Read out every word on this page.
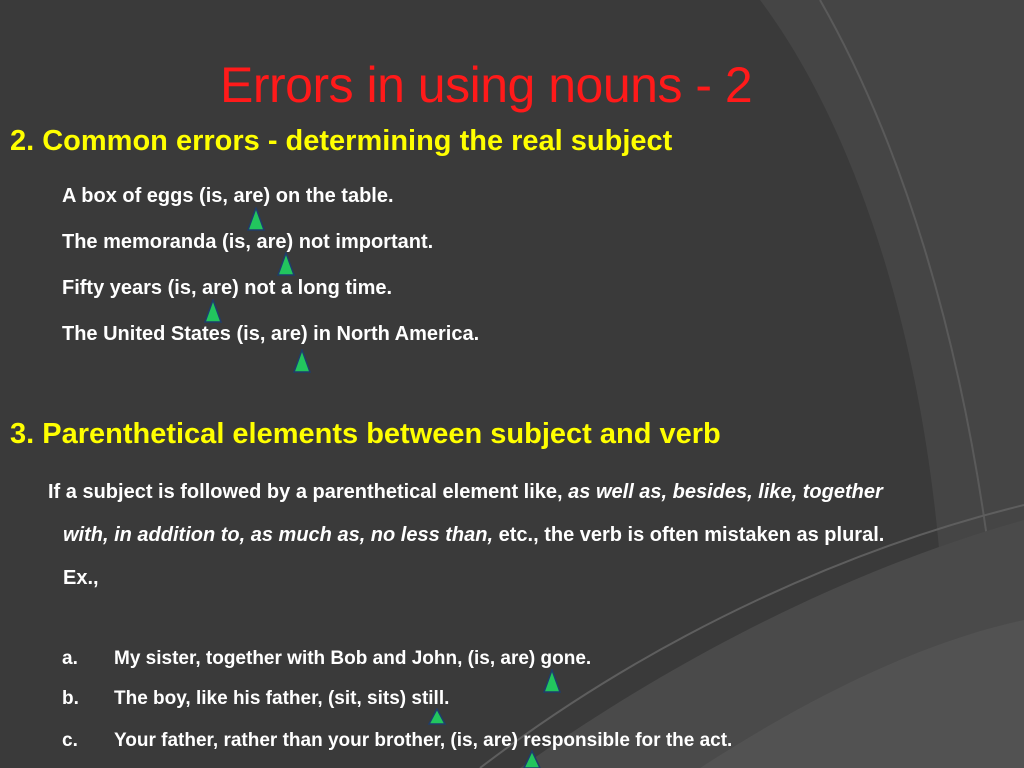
Errors in using nouns - 2
2. Common errors - determining the real subject
A box of eggs (is, are) on the table.
The memoranda (is, are) not important.
Fifty years (is, are) not a long time.
The United States (is, are) in North America.
3. Parenthetical elements between subject and verb
If a subject is followed by a parenthetical element like, as well as, besides, like, together
with, in addition to, as much as, no less than, etc., the verb is often mistaken as plural.
Ex.,
a. My sister, together with Bob and John, (is, are) gone.
b. The boy, like his father, (sit, sits) still.
c. Your father, rather than your brother, (is, are) responsible for the act.
